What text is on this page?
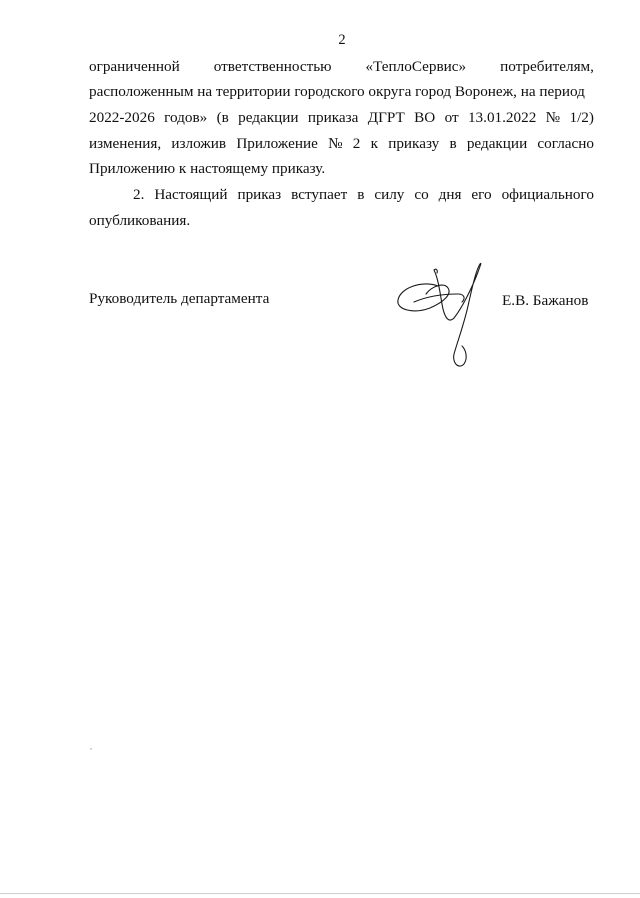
2
ограниченной ответственностью «ТеплоСервис» потребителям,
расположенным на территории городского округа город Воронеж, на период
2022-2026 годов» (в редакции приказа ДГРТ ВО от 13.01.2022 № 1/2)
изменения, изложив Приложение № 2 к приказу в редакции согласно
Приложению к настоящему приказу.
2. Настоящий приказ вступает в силу со дня его официального
опубликования.
Руководитель департамента	Е.В. Бажанов
